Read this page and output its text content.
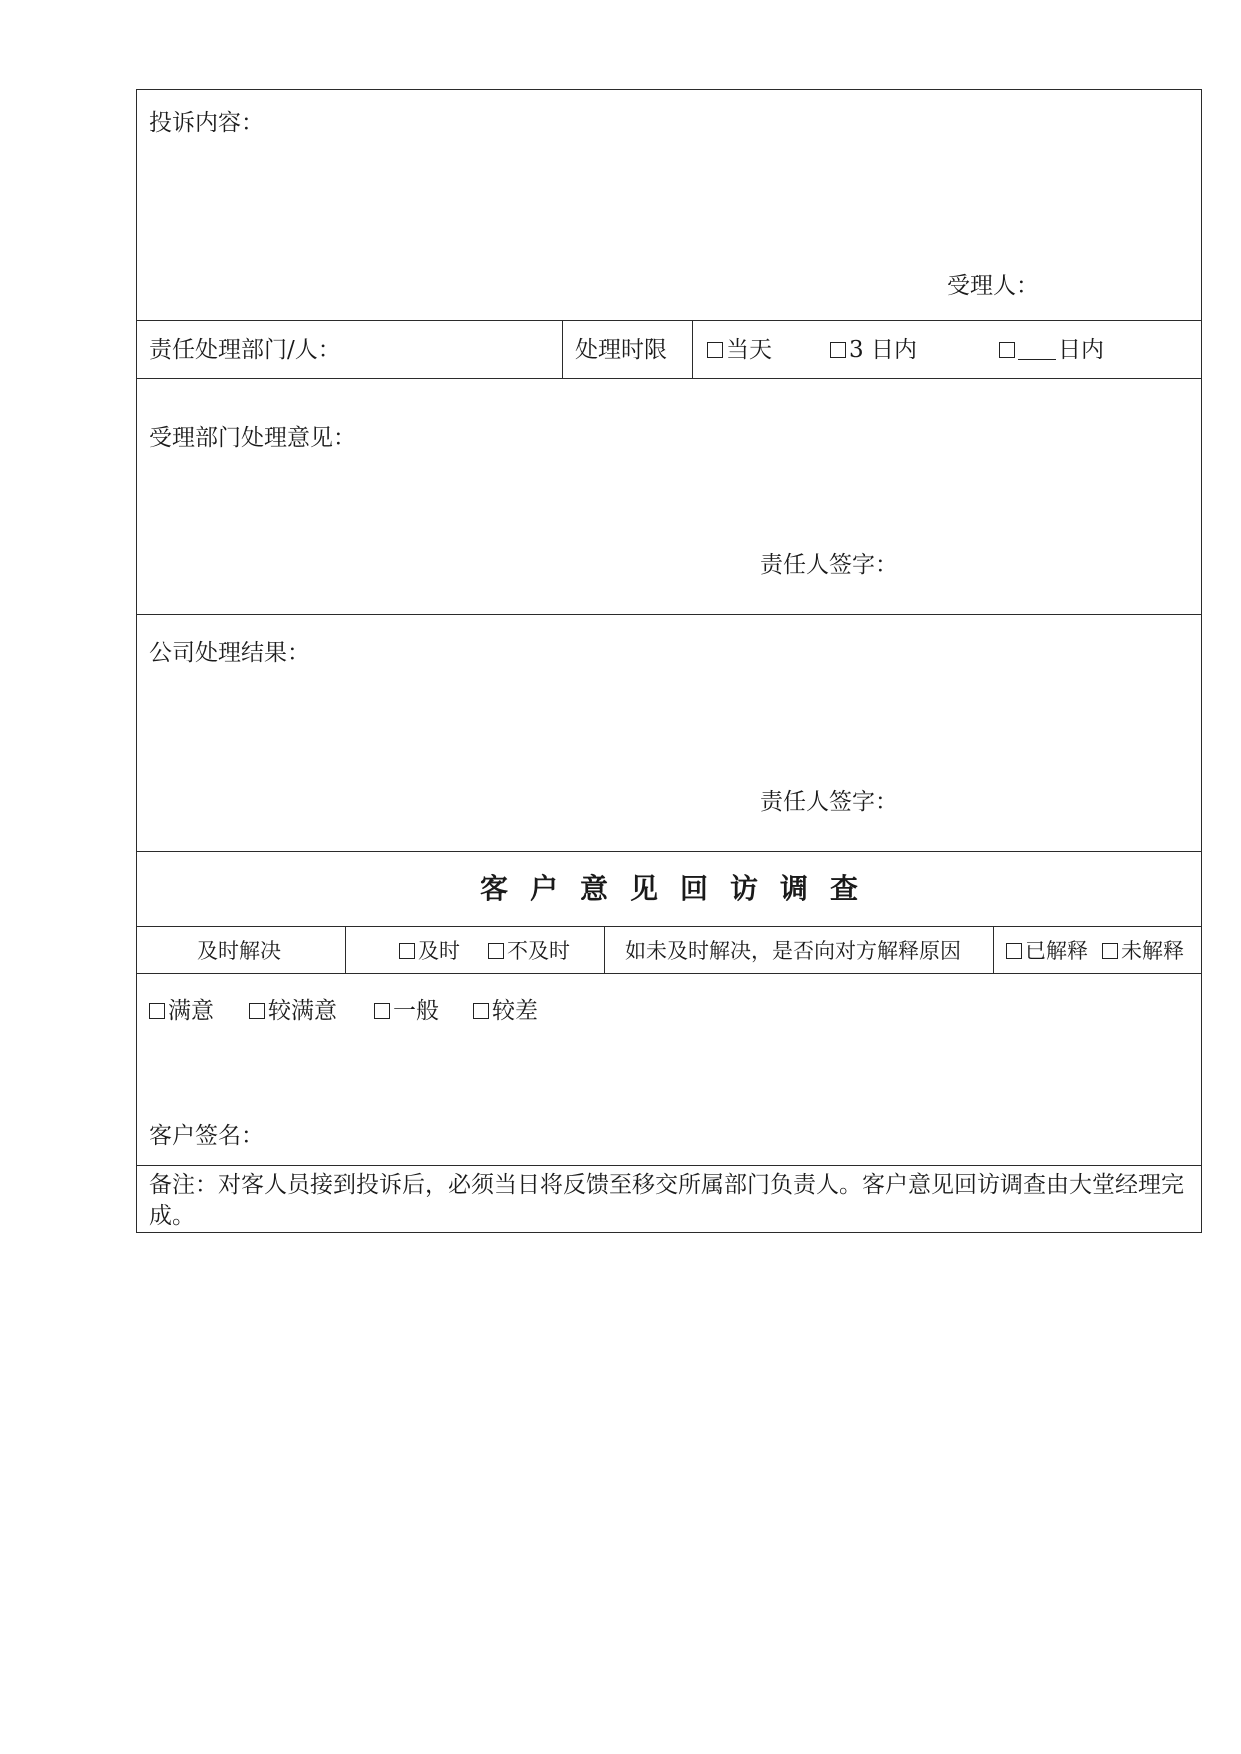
投诉内容：
受理人：
责任处理部门/人：	处理时限	当天	3 日内	日内
受理部门处理意见：
责任人签字：
公司处理结果：
责任人签字：
客户意见回访调查
及时解决	及时	不及时	如未及时解决，是否向对方解释原因	已解释	未解释
满意	较满意	一般	较差
客户签名：
备注：对客人员接到投诉后，必须当日将反馈至移交所属部门负责人。客户意见回访调查由大堂经理完成。
